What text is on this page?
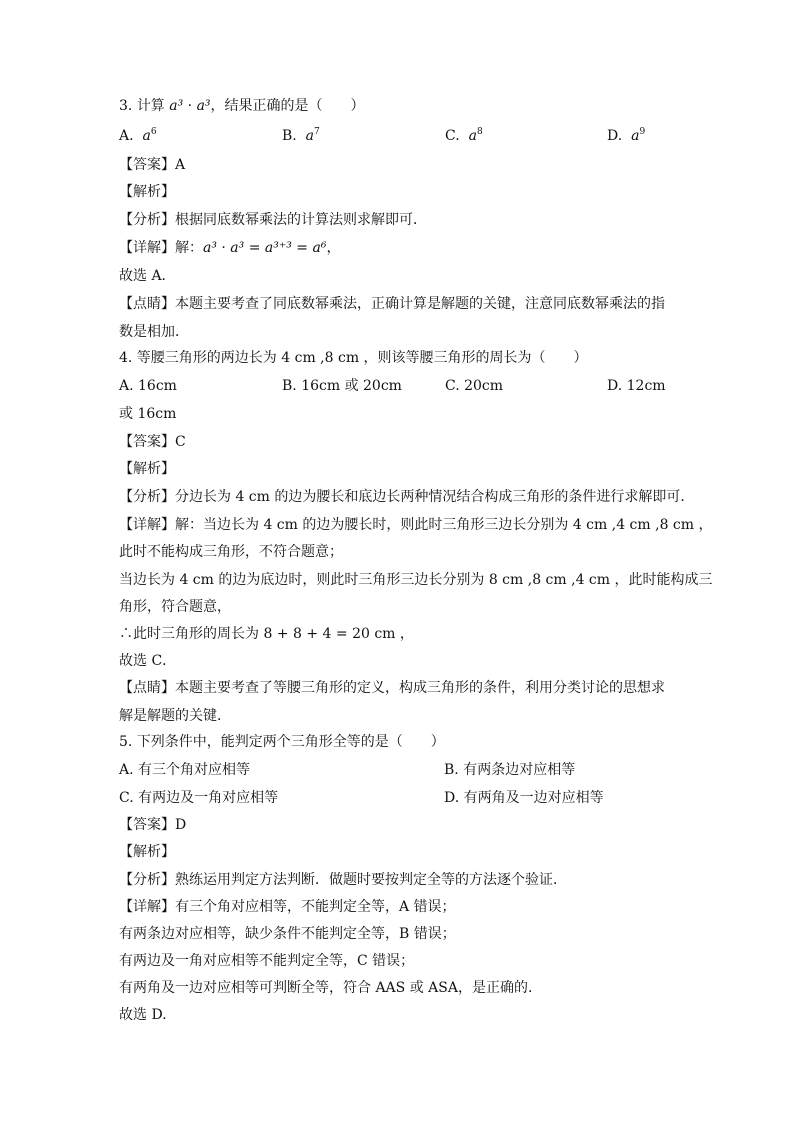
3. 计算 a³ · a³，结果正确的是（　　）
A. $a^6$	B. $a^7$	C. $a^8$	D. $a^9$
【答案】A
【解析】
【分析】根据同底数幂乘法的计算法则求解即可．
【详解】解：a³ · a³ = a³⁺³ = a⁶，
故选 A．
【点睛】本题主要考查了同底数幂乘法，正确计算是解题的关键，注意同底数幂乘法的指
数是相加．
4. 等腰三角形的两边长为 4 cm ,8 cm ，则该等腰三角形的周长为（　　）
A. 16cm	B. 16cm 或 20cm	C. 20cm	D. 12cm
或 16cm
【答案】C
【解析】
【分析】分边长为 4 cm 的边为腰长和底边长两种情况结合构成三角形的条件进行求解即可．
【详解】解：当边长为 4 cm 的边为腰长时，则此时三角形三边长分别为 4 cm ,4 cm ,8 cm ，
此时不能构成三角形，不符合题意；
当边长为 4 cm 的边为底边时，则此时三角形三边长分别为 8 cm ,8 cm ,4 cm ，此时能构成三
角形，符合题意，
∴此时三角形的周长为 8 + 8 + 4 = 20 cm ，
故选 C．
【点睛】本题主要考查了等腰三角形的定义，构成三角形的条件，利用分类讨论的思想求
解是解题的关键．
5. 下列条件中，能判定两个三角形全等的是（　　）
A. 有三个角对应相等	B. 有两条边对应相等
C. 有两边及一角对应相等	D. 有两角及一边对应相等
【答案】D
【解析】
【分析】熟练运用判定方法判断．做题时要按判定全等的方法逐个验证．
【详解】有三个角对应相等，不能判定全等，A 错误；
有两条边对应相等，缺少条件不能判定全等，B 错误；
有两边及一角对应相等不能判定全等，C 错误；
有两角及一边对应相等可判断全等，符合 AAS 或 ASA，是正确的.
故选 D.
